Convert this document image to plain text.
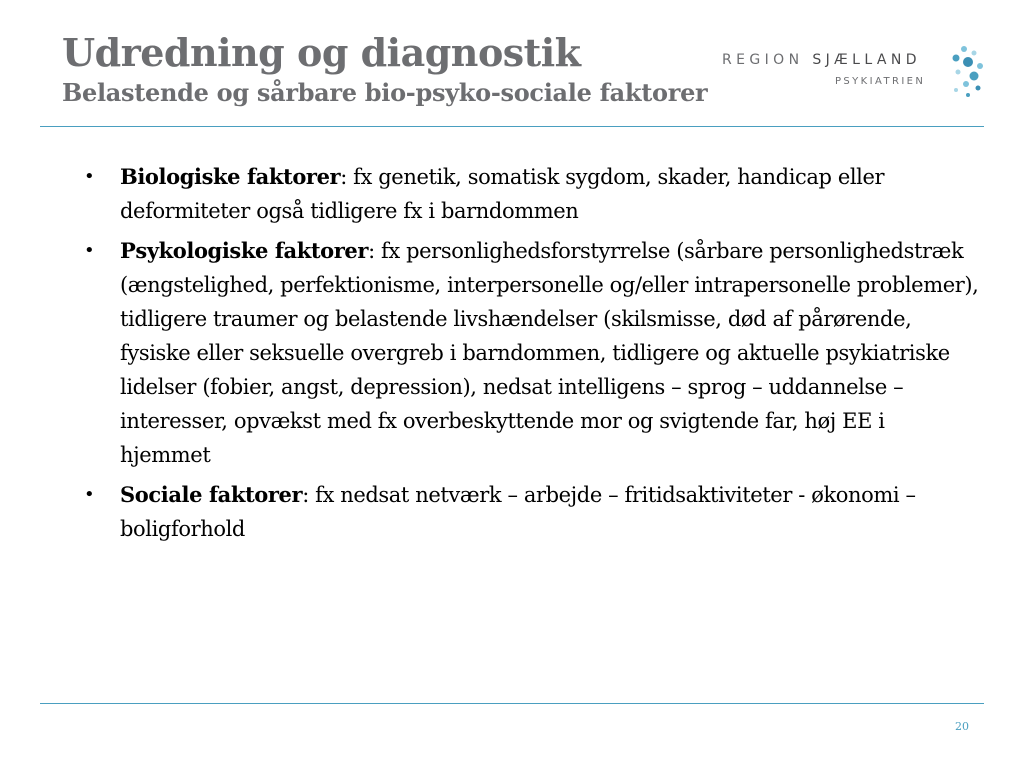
Udredning og diagnostik
Belastende og sårbare bio-psyko-sociale faktorer
REGION SJÆLLAND
PSYKIATRIEN
• Biologiske faktorer: fx genetik, somatisk sygdom, skader, handicap eller deformiteter også tidligere fx i barndommen
• Psykologiske faktorer: fx personlighedsforstyrrelse (sårbare personlighedstræk (ængstelighed, perfektionisme, interpersonelle og/eller intrapersonelle problemer), tidligere traumer og belastende livshændelser (skilsmisse, død af pårørende, fysiske eller seksuelle overgreb i barndommen, tidligere og aktuelle psykiatriske lidelser (fobier, angst, depression), nedsat intelligens – sprog – uddannelse – interesser, opvækst med fx overbeskyttende mor og svigtende far, høj EE i hjemmet
• Sociale faktorer: fx nedsat netværk – arbejde – fritidsaktiviteter - økonomi – boligforhold
20
